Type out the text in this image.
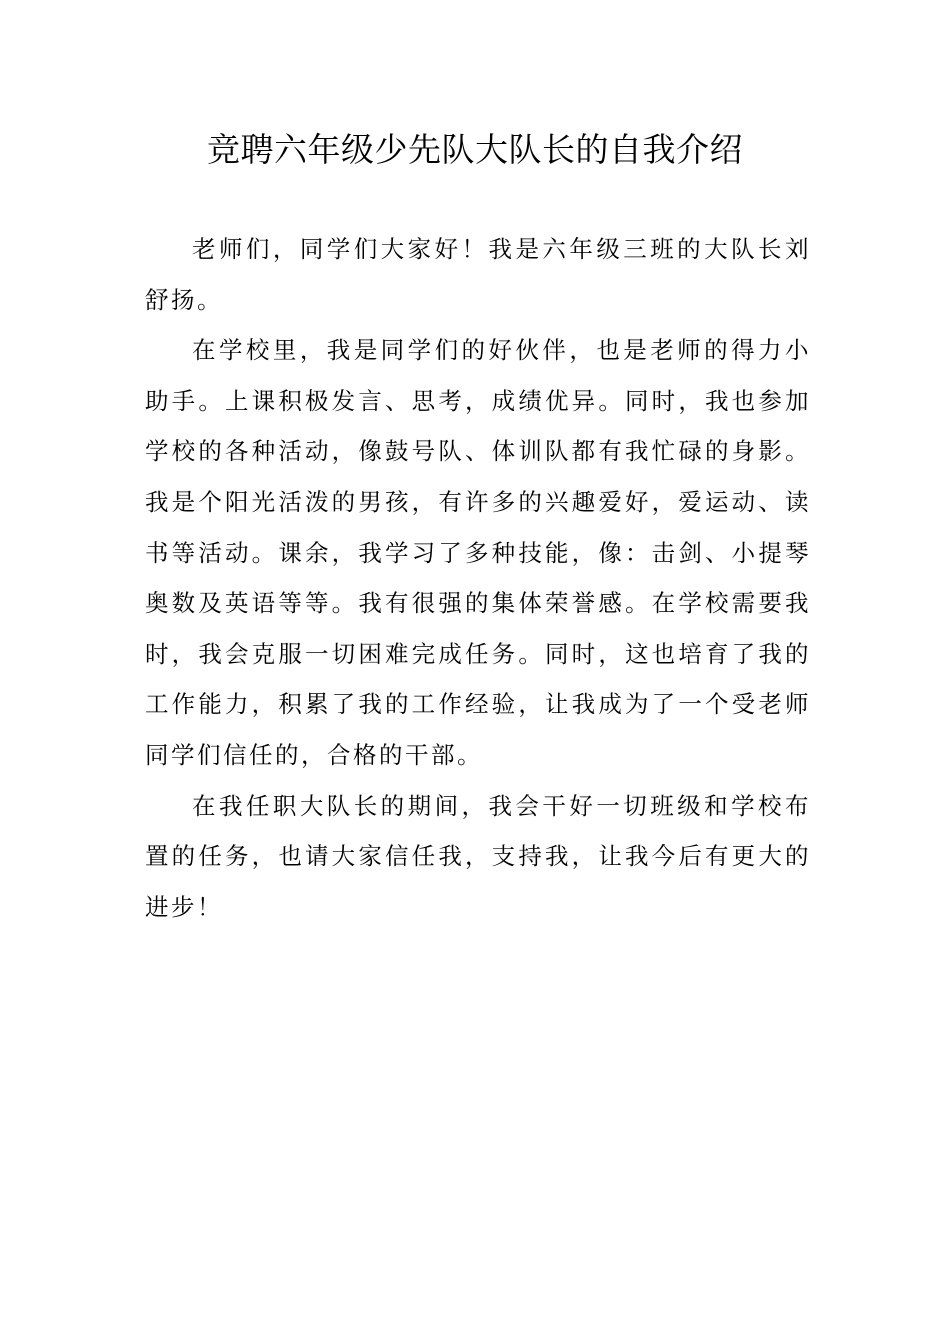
竞聘六年级少先队大队长的自我介绍

老师们，同学们大家好！我是六年级三班的大队长刘舒扬。

在学校里，我是同学们的好伙伴，也是老师的得力小助手。上课积极发言、思考，成绩优异。同时，我也参加学校的各种活动，像鼓号队、体训队都有我忙碌的身影。我是个阳光活泼的男孩，有许多的兴趣爱好，爱运动、读书等活动。课余，我学习了多种技能，像：击剑、小提琴奥数及英语等等。我有很强的集体荣誉感。在学校需要我时，我会克服一切困难完成任务。同时，这也培育了我的工作能力，积累了我的工作经验，让我成为了一个受老师同学们信任的，合格的干部。

在我任职大队长的期间，我会干好一切班级和学校布置的任务，也请大家信任我，支持我，让我今后有更大的进步！
